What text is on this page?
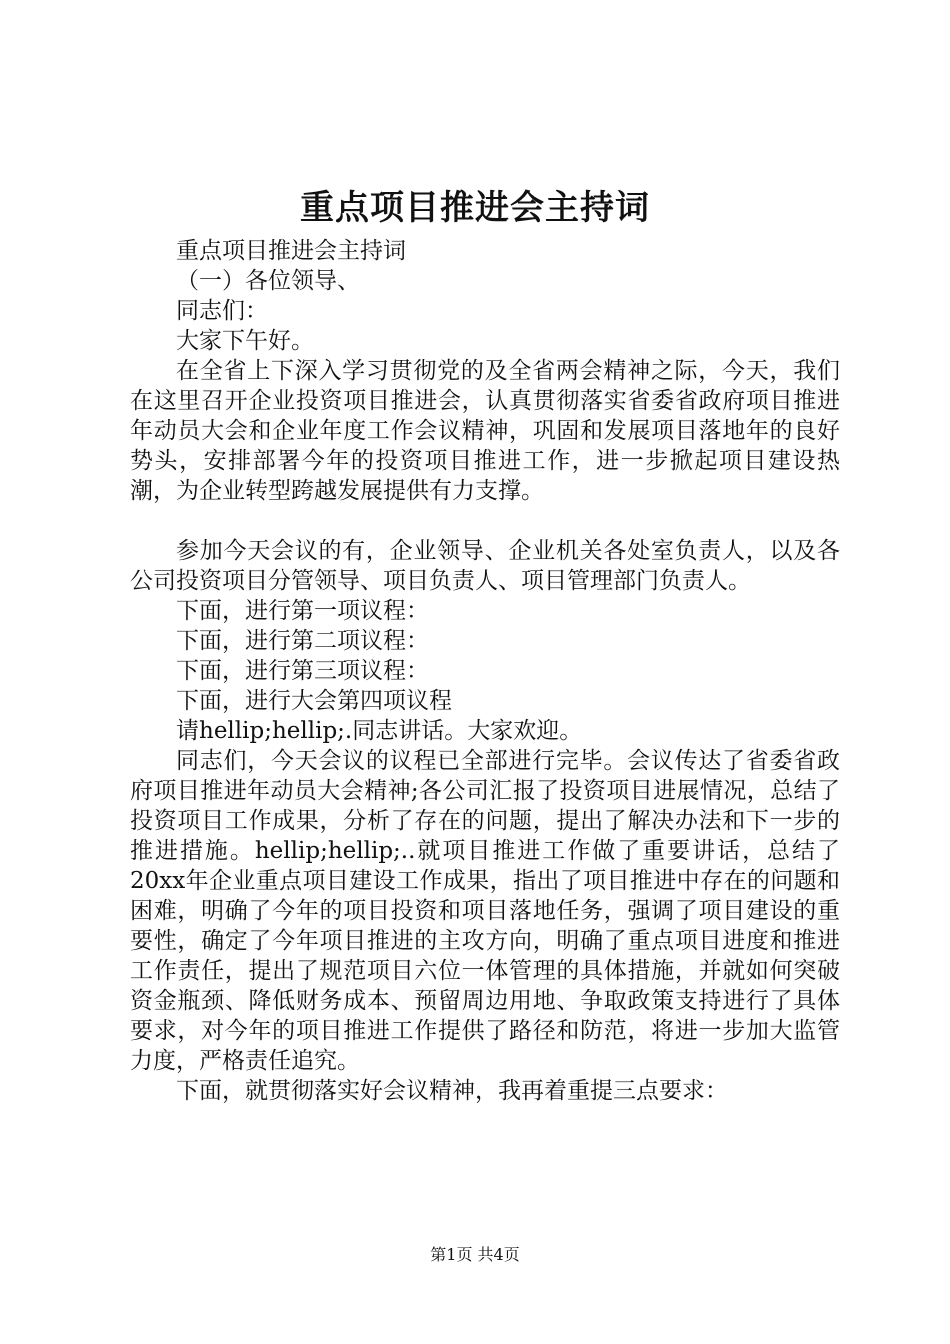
重点项目推进会主持词

重点项目推进会主持词

（一）各位领导、

同志们：

大家下午好。

在全省上下深入学习贯彻党的及全省两会精神之际，今天，我们在这里召开企业投资项目推进会，认真贯彻落实省委省政府项目推进年动员大会和企业年度工作会议精神，巩固和发展项目落地年的良好势头，安排部署今年的投资项目推进工作，进一步掀起项目建设热潮，为企业转型跨越发展提供有力支撑。

参加今天会议的有，企业领导、企业机关各处室负责人，以及各公司投资项目分管领导、项目负责人、项目管理部门负责人。

下面，进行第一项议程：

下面，进行第二项议程：

下面，进行第三项议程：

下面，进行大会第四项议程

请hellip;hellip;.同志讲话。大家欢迎。

同志们，今天会议的议程已全部进行完毕。会议传达了省委省政府项目推进年动员大会精神;各公司汇报了投资项目进展情况，总结了投资项目工作成果，分析了存在的问题，提出了解决办法和下一步的推进措施。hellip;hellip;..就项目推进工作做了重要讲话，总结了20xx年企业重点项目建设工作成果，指出了项目推进中存在的问题和困难，明确了今年的项目投资和项目落地任务，强调了项目建设的重要性，确定了今年项目推进的主攻方向，明确了重点项目进度和推进工作责任，提出了规范项目六位一体管理的具体措施，并就如何突破资金瓶颈、降低财务成本、预留周边用地、争取政策支持进行了具体要求，对今年的项目推进工作提供了路径和防范，将进一步加大监管力度，严格责任追究。

下面，就贯彻落实好会议精神，我再着重提三点要求：

第1页 共4页
